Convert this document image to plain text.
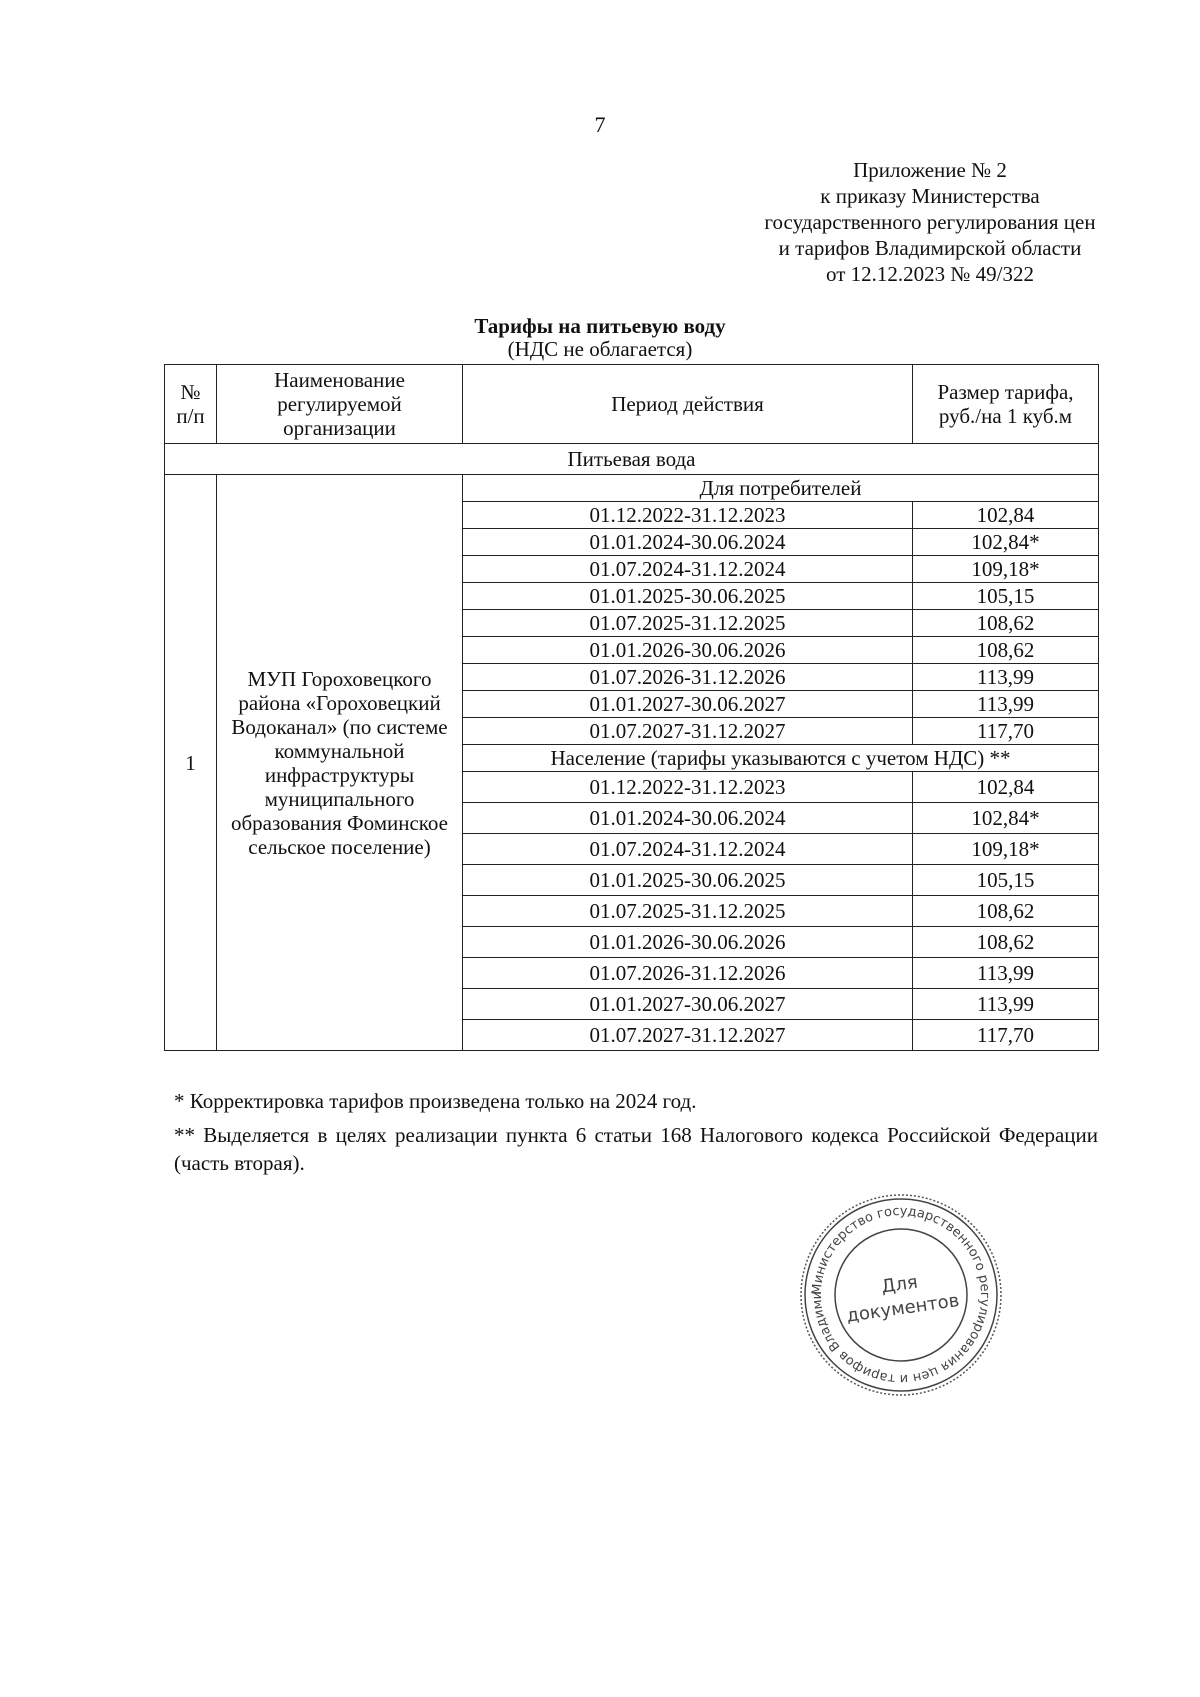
7
Приложение № 2
к приказу Министерства
государственного регулирования цен
и тарифов Владимирской области
от 12.12.2023 № 49/322
Тарифы на питьевую воду
(НДС не облагается)
№ п/п	Наименование регулируемой организации	Период действия	Размер тарифа, руб./на 1 куб.м
Питьевая вода			
1	МУП Гороховецкого района «Гороховецкий Водоканал» (по системе коммунальной инфраструктуры муниципального образования Фоминское сельское поселение)	Для потребителей	
		01.12.2022-31.12.2023	102,84
		01.01.2024-30.06.2024	102,84*
		01.07.2024-31.12.2024	109,18*
		01.01.2025-30.06.2025	105,15
		01.07.2025-31.12.2025	108,62
		01.01.2026-30.06.2026	108,62
		01.07.2026-31.12.2026	113,99
		01.01.2027-30.06.2027	113,99
		01.07.2027-31.12.2027	117,70
		Население (тарифы указываются с учетом НДС) **	
		01.12.2022-31.12.2023	102,84
		01.01.2024-30.06.2024	102,84*
		01.07.2024-31.12.2024	109,18*
		01.01.2025-30.06.2025	105,15
		01.07.2025-31.12.2025	108,62
		01.01.2026-30.06.2026	108,62
		01.07.2026-31.12.2026	113,99
		01.01.2027-30.06.2027	113,99
		01.07.2027-31.12.2027	117,70
* Корректировка тарифов произведена только на 2024 год.
** Выделяется в целях реализации пункта 6 статьи 168 Налогового кодекса Российской Федерации (часть вторая).
Министерство государственного регулирования цен и тарифов Владими	Для
документов
